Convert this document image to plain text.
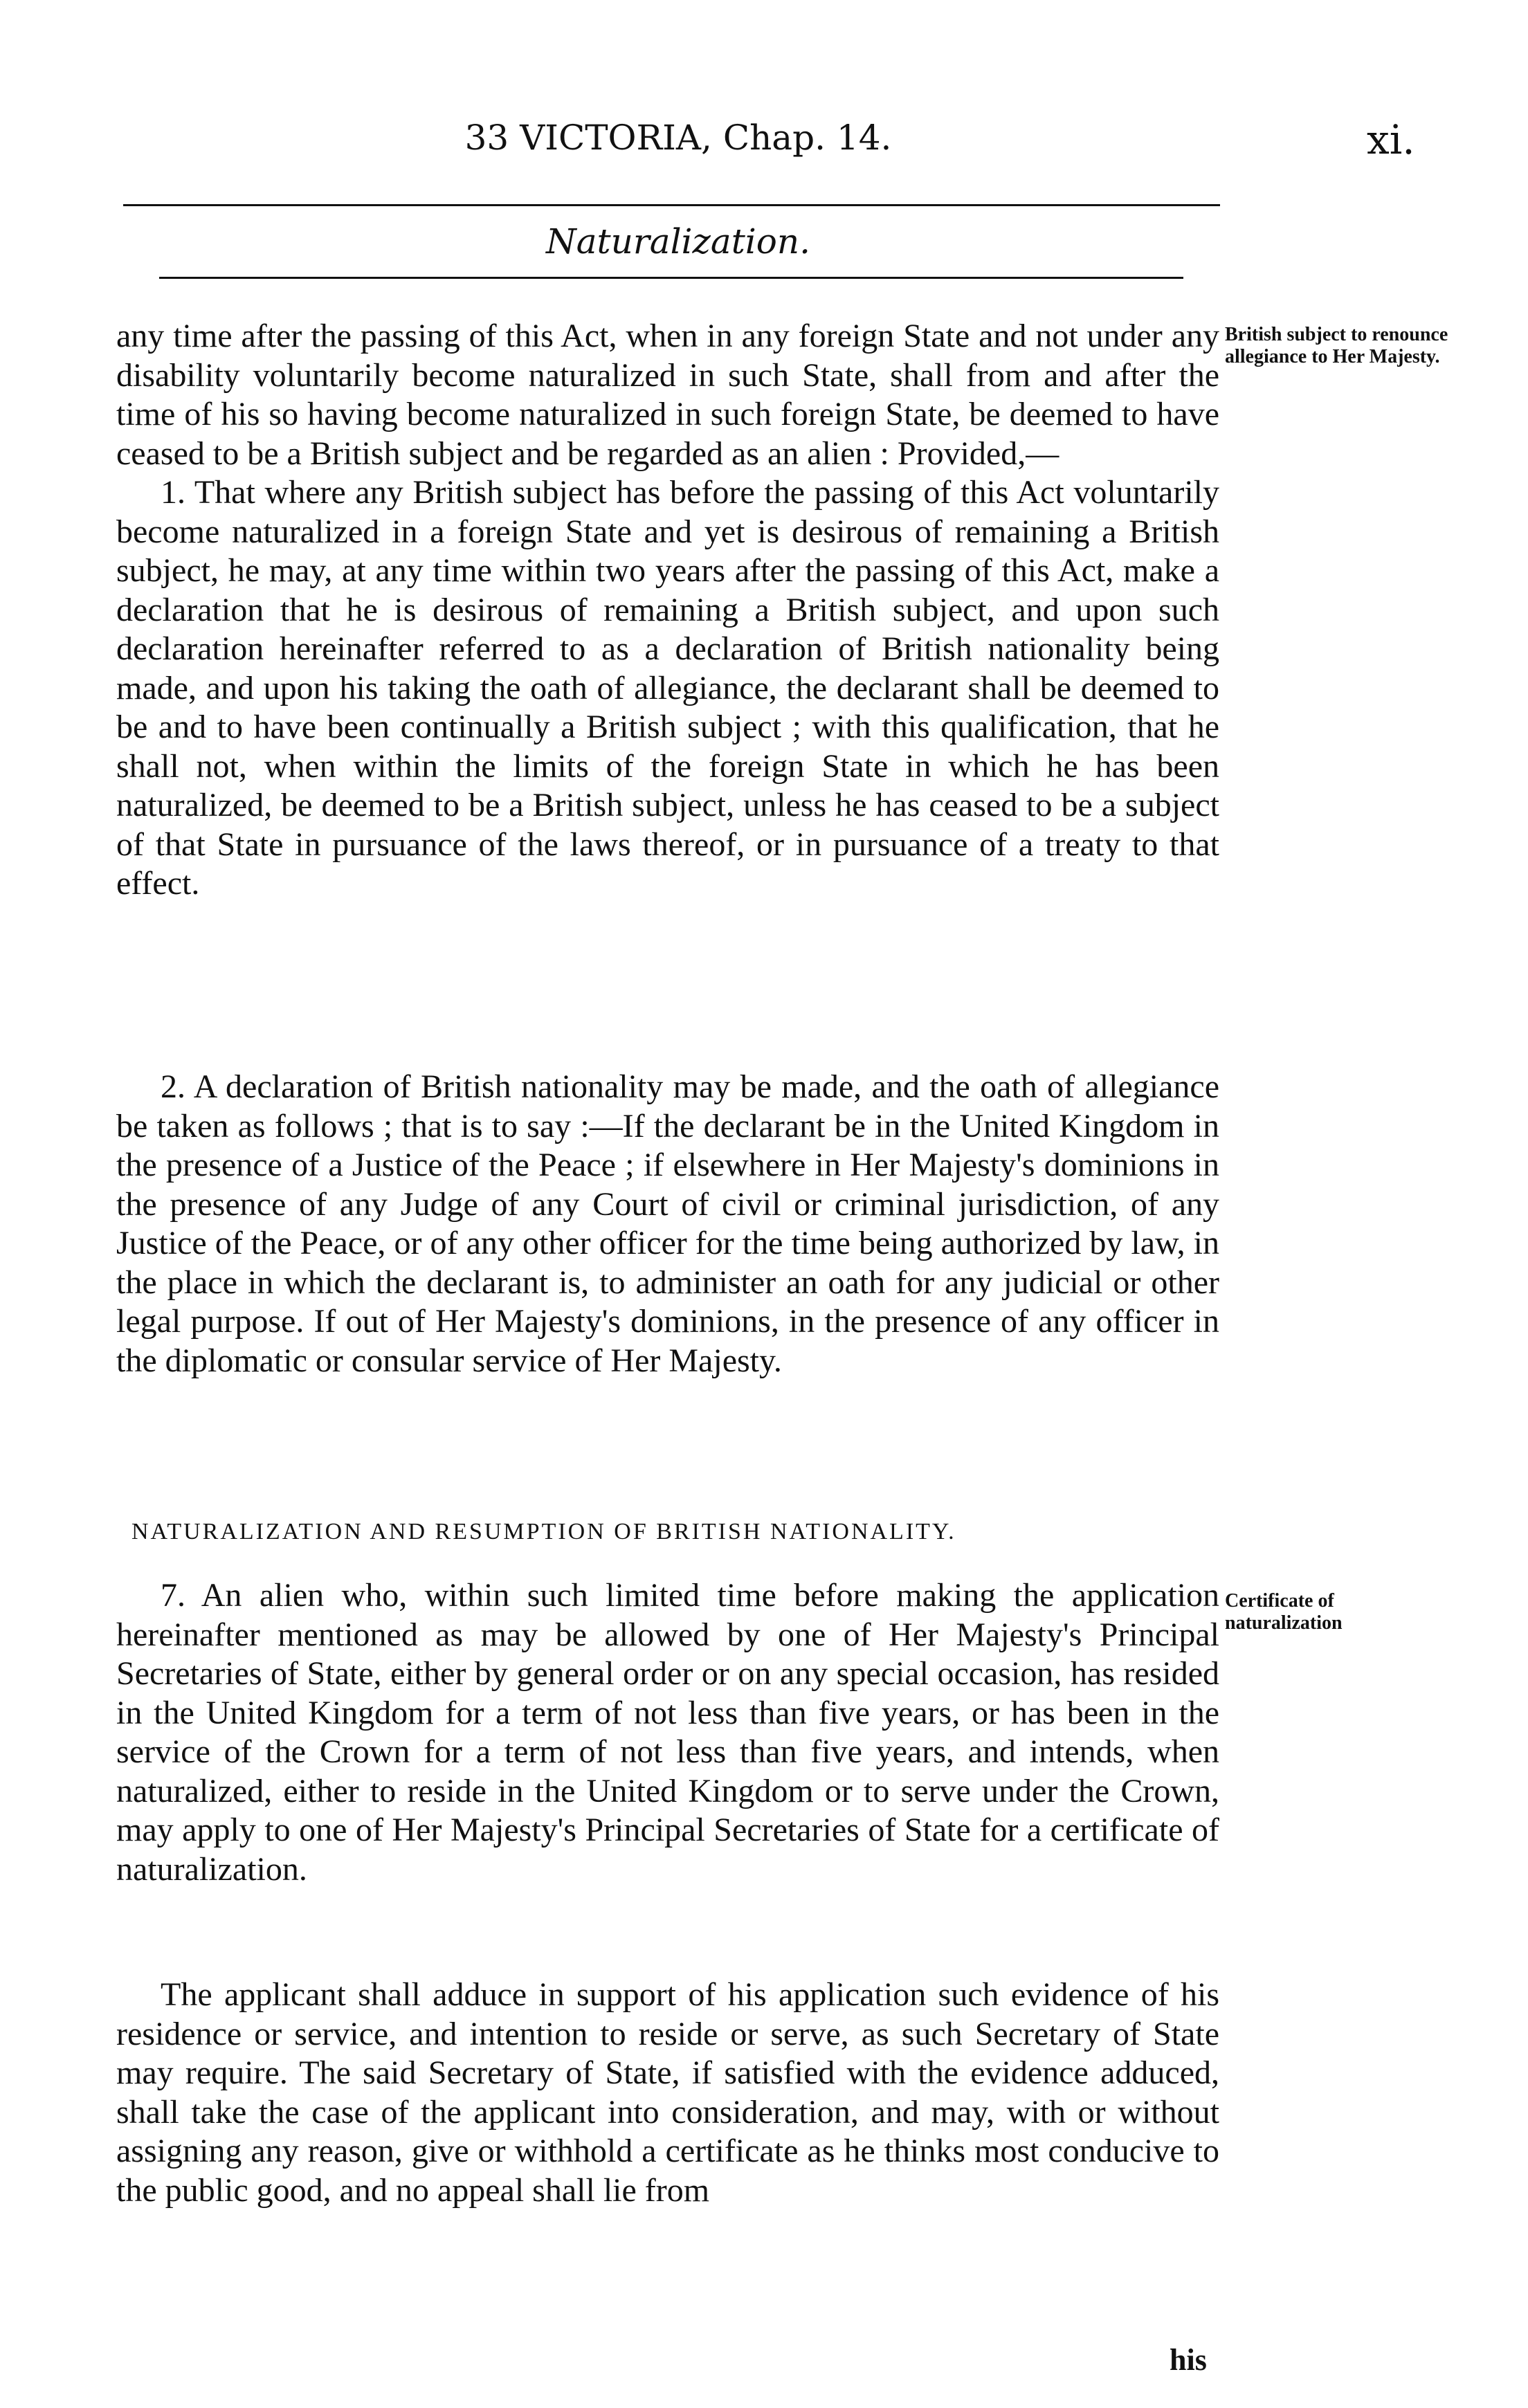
33 VICTORIA, Chap. 14.	xi.
Naturalization.

any time after the passing of this Act, when in any foreign State and not under any disability voluntarily become naturalized in such State, shall from and after the time of his so having become naturalized in such foreign State, be deemed to have ceased to be a British subject and be regarded as an alien : Provided,—

1. That where any British subject has before the passing of this Act voluntarily become naturalized in a foreign State and yet is desirous of remaining a British subject, he may, at any time within two years after the passing of this Act, make a declaration that he is desirous of remaining a British subject, and upon such declaration hereinafter referred to as a declaration of British nationality being made, and upon his taking the oath of allegiance, the declarant shall be deemed to be and to have been continually a British subject ; with this qualification, that he shall not, when within the limits of the foreign State in which he has been naturalized, be deemed to be a British subject, unless he has ceased to be a subject of that State in pursuance of the laws thereof, or in pursuance of a treaty to that effect.

British subject to renounce allegiance to Her Majesty.

2. A declaration of British nationality may be made, and the oath of allegiance be taken as follows ; that is to say :—If the declarant be in the United Kingdom in the presence of a Justice of the Peace ; if elsewhere in Her Majesty's dominions in the presence of any Judge of any Court of civil or criminal jurisdiction, of any Justice of the Peace, or of any other officer for the time being authorized by law, in the place in which the declarant is, to administer an oath for any judicial or other legal purpose. If out of Her Majesty's dominions, in the presence of any officer in the diplomatic or consular service of Her Majesty.

NATURALIZATION AND RESUMPTION OF BRITISH NATIONALITY.

7. An alien who, within such limited time before making the application hereinafter mentioned as may be allowed by one of Her Majesty's Principal Secretaries of State, either by general order or on any special occasion, has resided in the United Kingdom for a term of not less than five years, or has been in the service of the Crown for a term of not less than five years, and intends, when naturalized, either to reside in the United Kingdom or to serve under the Crown, may apply to one of Her Majesty's Principal Secretaries of State for a certificate of naturalization.

Certificate of naturalization

The applicant shall adduce in support of his application such evidence of his residence or service, and intention to reside or serve, as such Secretary of State may require. The said Secretary of State, if satisfied with the evidence adduced, shall take the case of the applicant into consideration, and may, with or without assigning any reason, give or withhold a certificate as he thinks most conducive to the public good, and no appeal shall lie from

his
